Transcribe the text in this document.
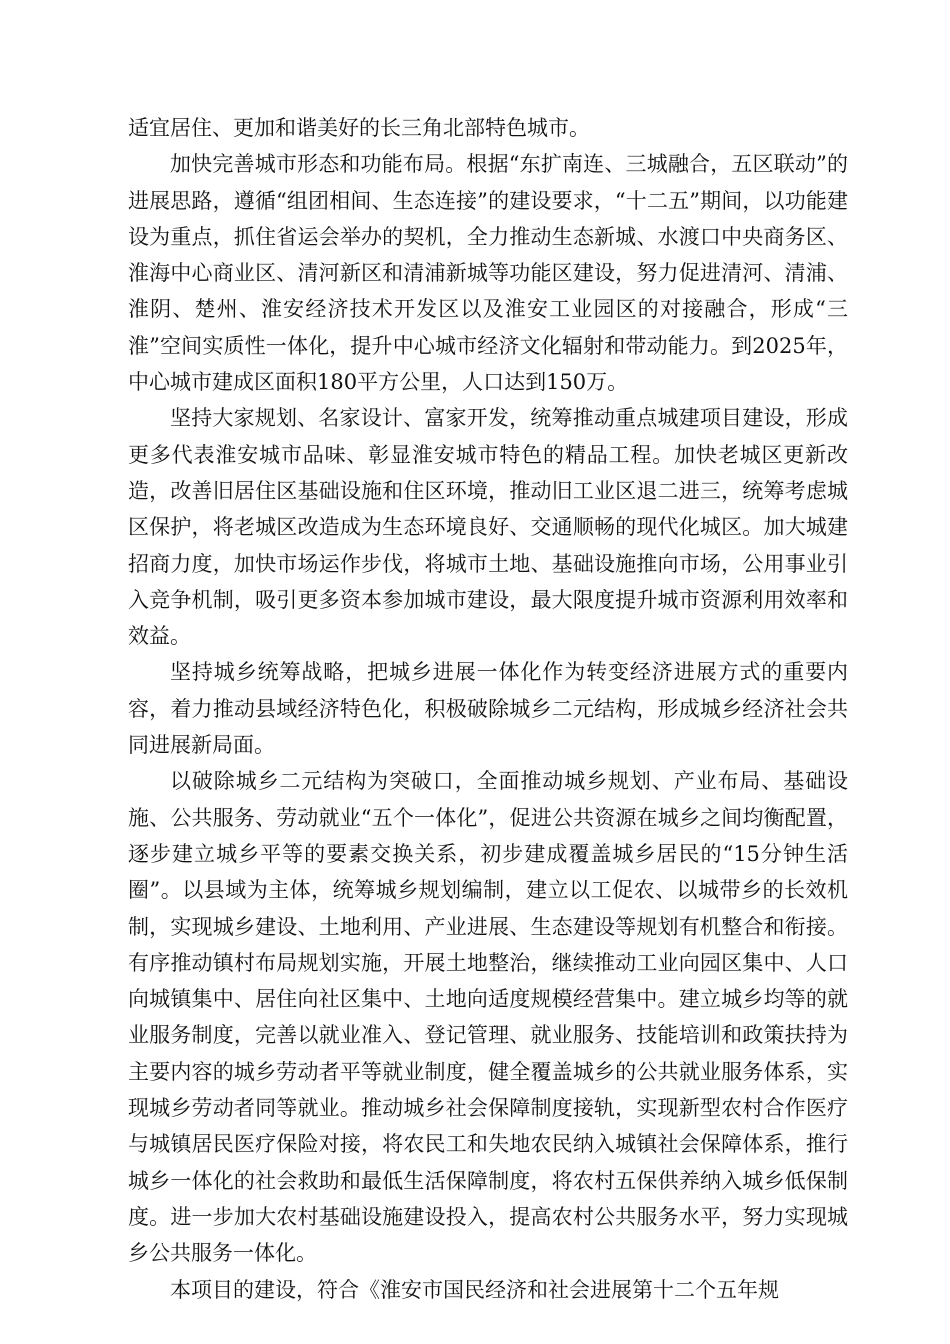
适宜居住、更加和谐美好的长三角北部特色城市。

加快完善城市形态和功能布局。根据“东扩南连、三城融合，五区联动”的进展思路，遵循“组团相间、生态连接”的建设要求，“十二五”期间，以功能建设为重点，抓住省运会举办的契机，全力推动生态新城、水渡口中央商务区、淮海中心商业区、清河新区和清浦新城等功能区建设，努力促进清河、清浦、淮阴、楚州、淮安经济技术开发区以及淮安工业园区的对接融合，形成“三淮”空间实质性一体化，提升中心城市经济文化辐射和带动能力。到2025年，中心城市建成区面积180平方公里，人口达到150万。

坚持大家规划、名家设计、富家开发，统筹推动重点城建项目建设，形成更多代表淮安城市品味、彰显淮安城市特色的精品工程。加快老城区更新改造，改善旧居住区基础设施和住区环境，推动旧工业区退二进三，统筹考虑城区保护，将老城区改造成为生态环境良好、交通顺畅的现代化城区。加大城建招商力度，加快市场运作步伐，将城市土地、基础设施推向市场，公用事业引入竞争机制，吸引更多资本参加城市建设，最大限度提升城市资源利用效率和效益。

坚持城乡统筹战略，把城乡进展一体化作为转变经济进展方式的重要内容，着力推动县域经济特色化，积极破除城乡二元结构，形成城乡经济社会共同进展新局面。

以破除城乡二元结构为突破口，全面推动城乡规划、产业布局、基础设施、公共服务、劳动就业“五个一体化”，促进公共资源在城乡之间均衡配置，逐步建立城乡平等的要素交换关系，初步建成覆盖城乡居民的“15分钟生活圈”。以县域为主体，统筹城乡规划编制，建立以工促农、以城带乡的长效机制，实现城乡建设、土地利用、产业进展、生态建设等规划有机整合和衔接。有序推动镇村布局规划实施，开展土地整治，继续推动工业向园区集中、人口向城镇集中、居住向社区集中、土地向适度规模经营集中。建立城乡均等的就业服务制度，完善以就业准入、登记管理、就业服务、技能培训和政策扶持为主要内容的城乡劳动者平等就业制度，健全覆盖城乡的公共就业服务体系，实现城乡劳动者同等就业。推动城乡社会保障制度接轨，实现新型农村合作医疗与城镇居民医疗保险对接，将农民工和失地农民纳入城镇社会保障体系，推行城乡一体化的社会救助和最低生活保障制度，将农村五保供养纳入城乡低保制度。进一步加大农村基础设施建设投入，提高农村公共服务水平，努力实现城乡公共服务一体化。

本项目的建设，符合《淮安市国民经济和社会进展第十二个五年规
